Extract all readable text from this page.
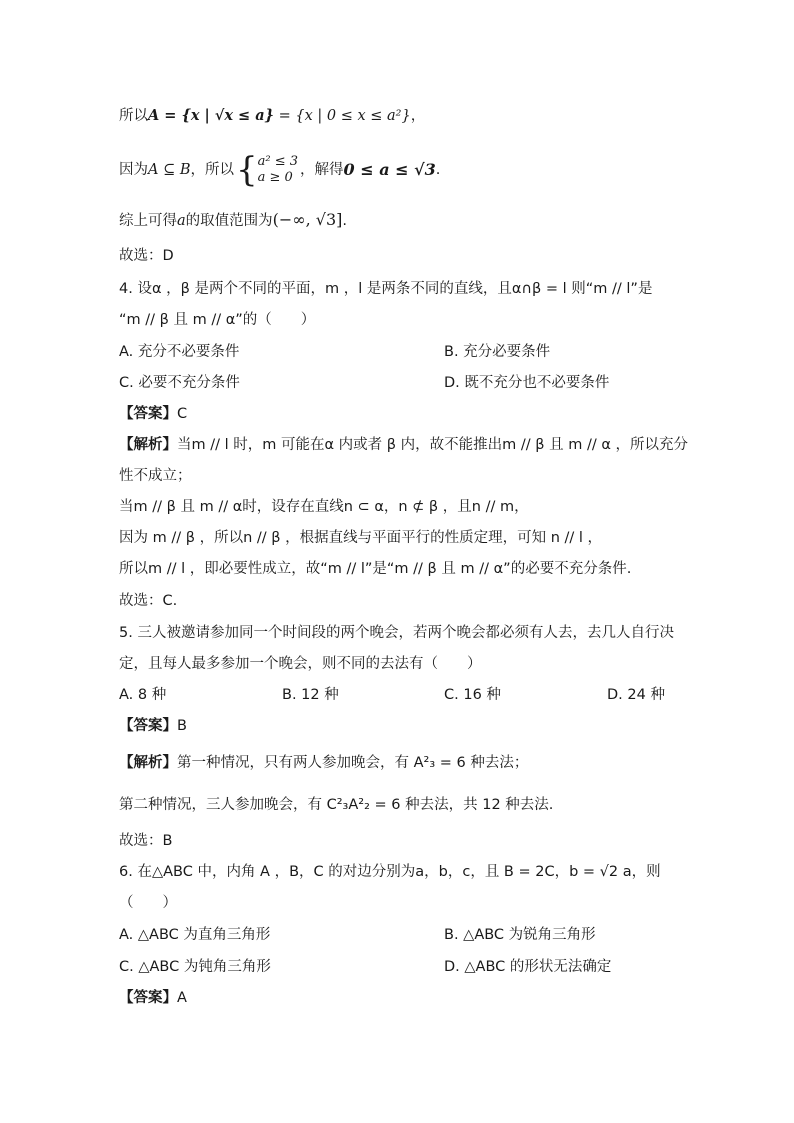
所以A = {x | √x ≤ a} = {x | 0 ≤ x ≤ a²}，
因为 A ⊆ B ，所以 { a² ≤ 3
a ≥ 0 ，解得 0 ≤ a ≤ √3 .
综上可得a的取值范围为(−∞, √3].
故选：D
4. 设α ，β 是两个不同的平面，m ，l 是两条不同的直线，且α∩β = l 则“m // l”是
“m // β 且 m // α”的（　　）
A. 充分不必要条件	B. 充分必要条件
C. 必要不充分条件	D. 既不充分也不必要条件
【答案】C
【解析】当m // l 时，m 可能在α 内或者 β 内，故不能推出m // β 且 m // α ，所以充分
性不成立；
当m // β 且 m // α时，设存在直线n ⊂ α，n ⊄ β ，且n // m，
因为 m // β ，所以n // β ，根据直线与平面平行的性质定理，可知 n // l ，
所以m // l ，即必要性成立，故“m // l”是“m // β 且 m // α”的必要不充分条件.
故选：C.
5. 三人被邀请参加同一个时间段的两个晚会，若两个晚会都必须有人去，去几人自行决
定，且每人最多参加一个晚会，则不同的去法有（　　）
A. 8 种	B. 12 种	C. 16 种	D. 24 种
【答案】B
【解析】第一种情况，只有两人参加晚会，有 A²₃ = 6 种去法；
第二种情况，三人参加晚会，有 C²₃A²₂ = 6 种去法，共 12 种去法.
故选：B
6. 在△ABC 中，内角 A ，B，C 的对边分别为a，b，c，且 B = 2C，b = √2 a，则
（　　）
A. △ABC 为直角三角形	B. △ABC 为锐角三角形
C. △ABC 为钝角三角形	D. △ABC 的形状无法确定
【答案】A
